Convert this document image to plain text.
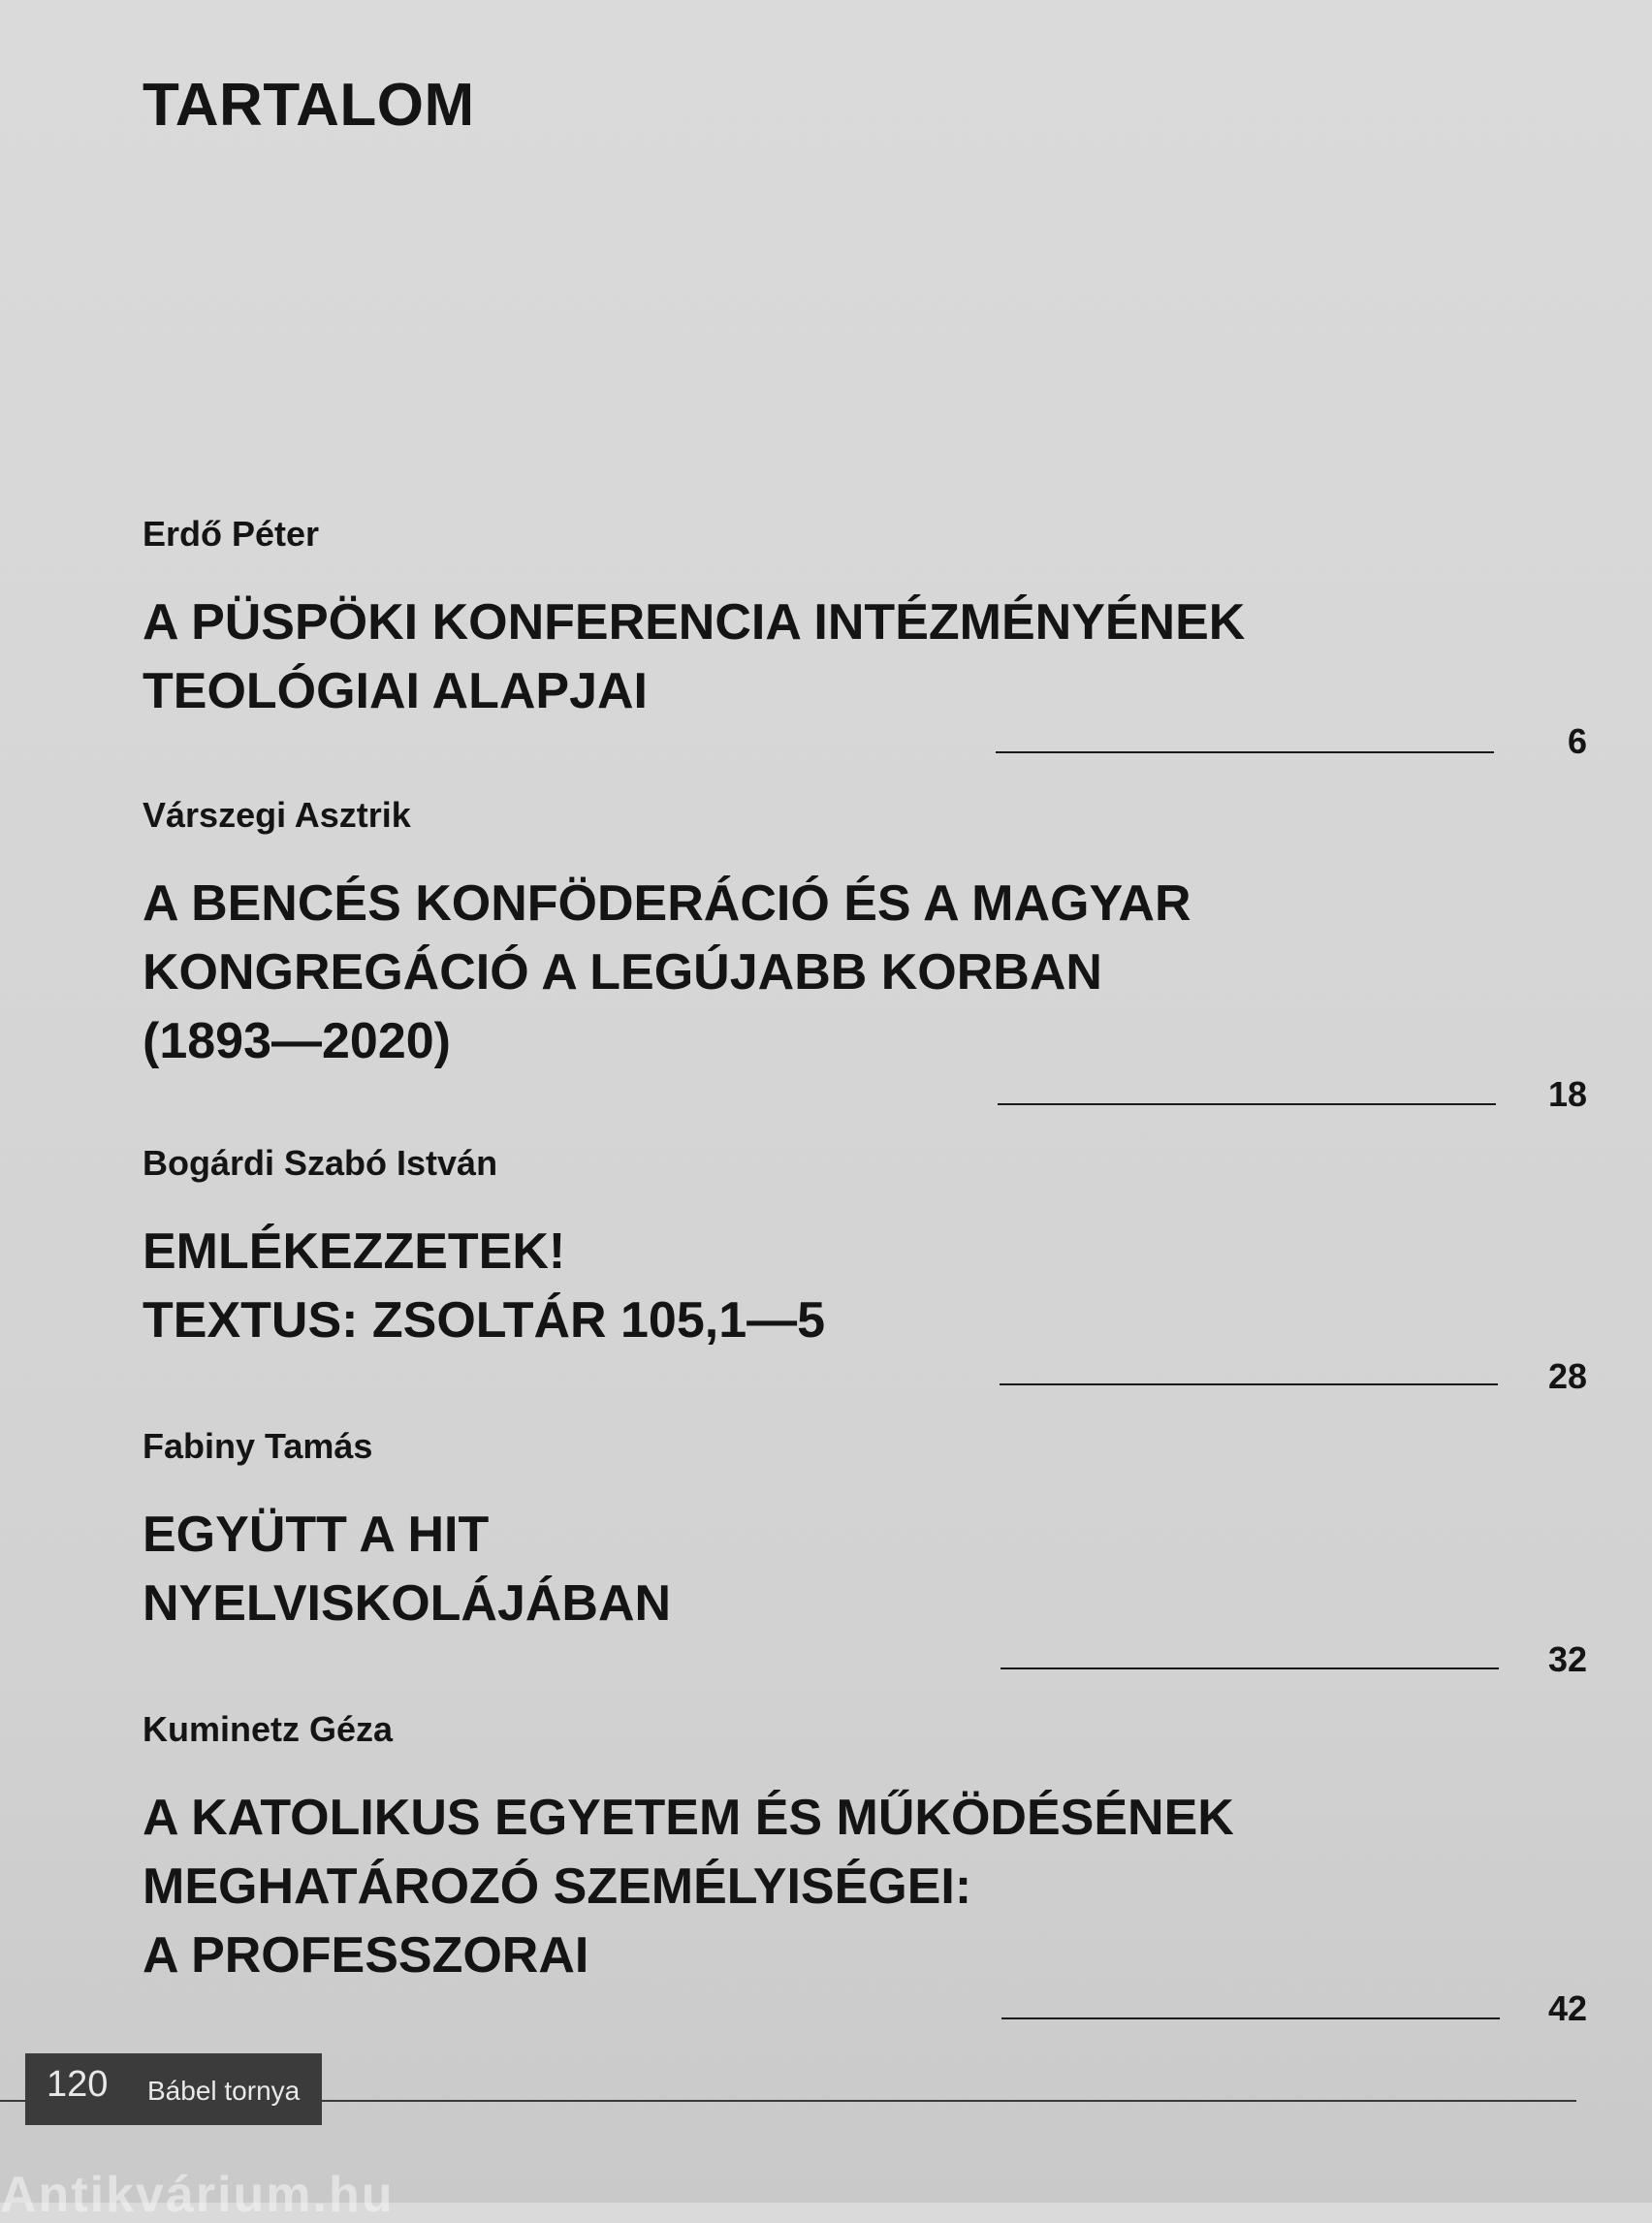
TARTALOM
Erdő Péter
A PÜSPÖKI KONFERENCIA INTÉZMÉNYÉNEK
TEOLÓGIAI ALAPJAI
6
Várszegi Asztrik
A BENCÉS KONFÖDERÁCIÓ ÉS A MAGYAR
KONGREGÁCIÓ A LEGÚJABB KORBAN
(1893—2020)
18
Bogárdi Szabó István
EMLÉKEZZETEK!
TEXTUS: ZSOLTÁR 105,1—5
28
Fabiny Tamás
EGYÜTT A HIT
NYELVISKOLÁJÁBAN
32
Kuminetz Géza
A KATOLIKUS EGYETEM ÉS MŰKÖDÉSÉNEK
MEGHATÁROZÓ SZEMÉLYISÉGEI:
A PROFESSZORAI
42
120 Bábel tornya
Antikvárium.hu
